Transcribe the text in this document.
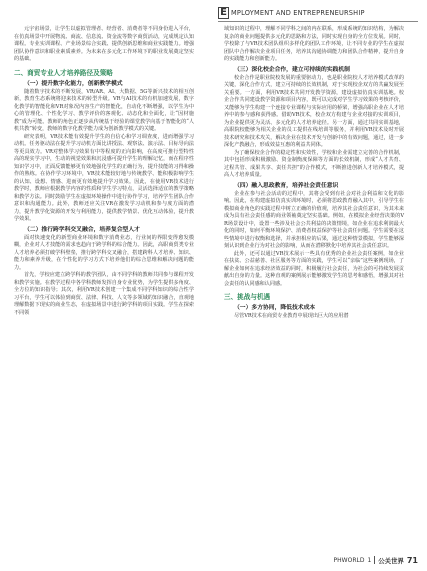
E MPLOYMENT AND ENTREPRENEURSHIP

元宇宙场景，让学生以虚拟管理者、经营者、消费者等不同身份进入平台，在仿真场景中开展物流、商流、信息流、资金流等数字商贸活动，完成规定认知课程。专业实训课程、产业场景综合实践、提供创新思维和商业实践能力。增强团队协作意识和职业素质素养。为未来在多元化工作环境下的职业发展奠定坚实的基础。

二、商贸专业人才培养路径及策略
（一）提升数字化能力，创新教学模式

随着数字技术的不断发展，VR/AR、AI、大数据、5G等新兴技术的相互创新，教育生态系统将迎来技术的转型升级。VR与AI技术的有机加速发展，数字化教学的智能化和VR对象况内容生产的智能化，自动化不断增强，以学生为中心的管理化、个性化学习、教学评价的客观化、动态化和全面化，让“因材施教”成为可能。教师的角色正逐步从传统基于经验的课堂教学向基于智能化的“人机共教”转变，教师的数字化教学能力成为创新教学模式的关键。

研究表明，VR技术能有效提升学生的自信心和学习调查度，进而增强学习动机。任务驱动法在提升学习动机方面比讲授法、观察法、演示法、目标导向法等更具效力。VR对整体学习效果有中等程度的正向影响，在高度可推行型特性高的现实学习中，生动的视觉效果和沉浸感可提升学生的理解记忆，而在程序性知识学习中，正面反馈能够更有效地强化学生的正确行为，提升技能的习得和操作的熟练。在协作学习环境中，VR技术能较好地与传统教学、能积极影响学生的认知、设想、情感、进而更有效地提升学习效果。因此，在使用VR技术进行教学时，教师应根据教学内容的性质和学生学习特点，灵活选择适宜的教学策略和教学方法。同时鼓励学生在虚拟环境操作中进行协作学习，培养学生团队合作意识和沟通能力。此外，教师还应关注VR在激发学习动机和参与度方面的潜力，提升教学化资源的开发与利用能力，提供教学情景、优化互动体验，提升教学效果。

（二）推行跨学科交叉融合，培养复合型人才

面对快速变化的新型商业环境和数字消费业态，行业间的界限变得愈发模糊，企业对人才技能的需求也趋向于跨学科的综合能力。因此，高职商贸类专业人才培养必须打破学科壁垒，推行跨学科交叉融合，搭建跨科人才培养、知识、能力和素养升级，在个性化的学习方式下培养他们的综合思维和解决问题的能力。

首先，学校应建立跨学科的教学团队，由不同学科的教师共同参与课程开发和教学实施。在教学过程中各学科教师发挥自身专业优势，为学生提供多角度、全方位的知识指导；其次，利用VR技术创建一个集成不同学科知识的综合性学习平台，学生可以体验到商贸、法律、科技、人文等多领域的知识融合，直观地理解数据下现实的商业生态，在虚拟场景中进行跨学科的项目实践。学生在探索不同领

域知识的过程中，理解不同学科之间的内在联系，形成系统的知识结构，为解决复杂的商业问题提供多元化的思路和方法，同时实现自身的全方位发展。同时，学校除了与VR技术团队组织多样化的团队工作环境，让不同专业的学生在虚拟团队中合作解决企业项目任务，培养其沟通协调能力和团队合作精神，提升自身的实践能力和创新能力。

（三）深化校企合作，建立可持续的实践机制

校企合作是职业院校发展的重要驱动力，也是职业院校人才培养模式改革的关键，深化合作方式，建立可持续的长效机制，对于实现校企双方的共赢发展至关重要。一方面，利用VR技术共同开发教学资源，建设虚拟仿真实训基地。校企合作共同建设教学资源和项目内容，既可以完成对学生学习效果的考核评价，又能够为学生构建一个连接专业课程与实际应用的桥梁，增强高职企业在人才培养中的参与感和获得感。借助VR技术，校企双方构建与企业对接的实训项目，为企业提供更为灵活、多元化的人才培养途径。另一方面，通过共同实训基地，高职院校能够为相关企业的员工提供在线培训等服务，并利用VR技术及时开展技术研究和技术攻关，解决企业在技术开发与创新中的有效问题，通过，进一步深化产教融合，形成效益互惠的利益共同体。

为了确保校企合作的稳定性和实效性，学校和企业需建立完善的合作机制，其中包括形成积极激励、资金制衡度保障等方面的长效机制，形成“人才共育、过程共管、成果共享、责任共担”的合作模式，不断推进创新人才培养模式，提高人才培养质量。

（四）融入思政教育，培养社会责任意识

企业在参与社会活动的过程中，其将会受到有社会对社会利益和文化的影响。因此，在构建虚拟仿真实训环境时，必须将思政教育融入其中，引导学生在模拟商业角色的实践过程中树立正确的价值观，培养其社会责任意识，为其未来成为具有社会责任感的商业领袖奠定坚实基础。例如，在模拟企业经营决策的VR场景设计中，设置一些涉及社会公共利益的决策情境，如企业在追求利润最大化的同时，如何平衡环境保护、消费者权益保护等社会责任问题。学生需要在这些情境中进行权衡和选择，并承担相应的后果，通过这种情景模拟，学生能够深刻认识到企业行为对社会的影响，从而在潜移默化中培养其社会责任意识。

此外，还可以通过VR技术展示一些具有优秀的企业社会责任案例，如企业在扶贫、公益慈善、社区服务等方面的实践，学生可以“亲临”这些案例现场，了解企业如何在追求经济效益的同时，积极履行社会责任，为社会的可持续发展贡献出自身的力量。这种直观的案例展示能够激发学生的思考和感悟，增强其对社会责任的认同感和认同感。

三、挑战与机遇
（一）多方协同，降低技术成本

尽管VR技术在商贸专业教育中展现出巨大的应用潜

PHWORLD 1 公关世界 71
